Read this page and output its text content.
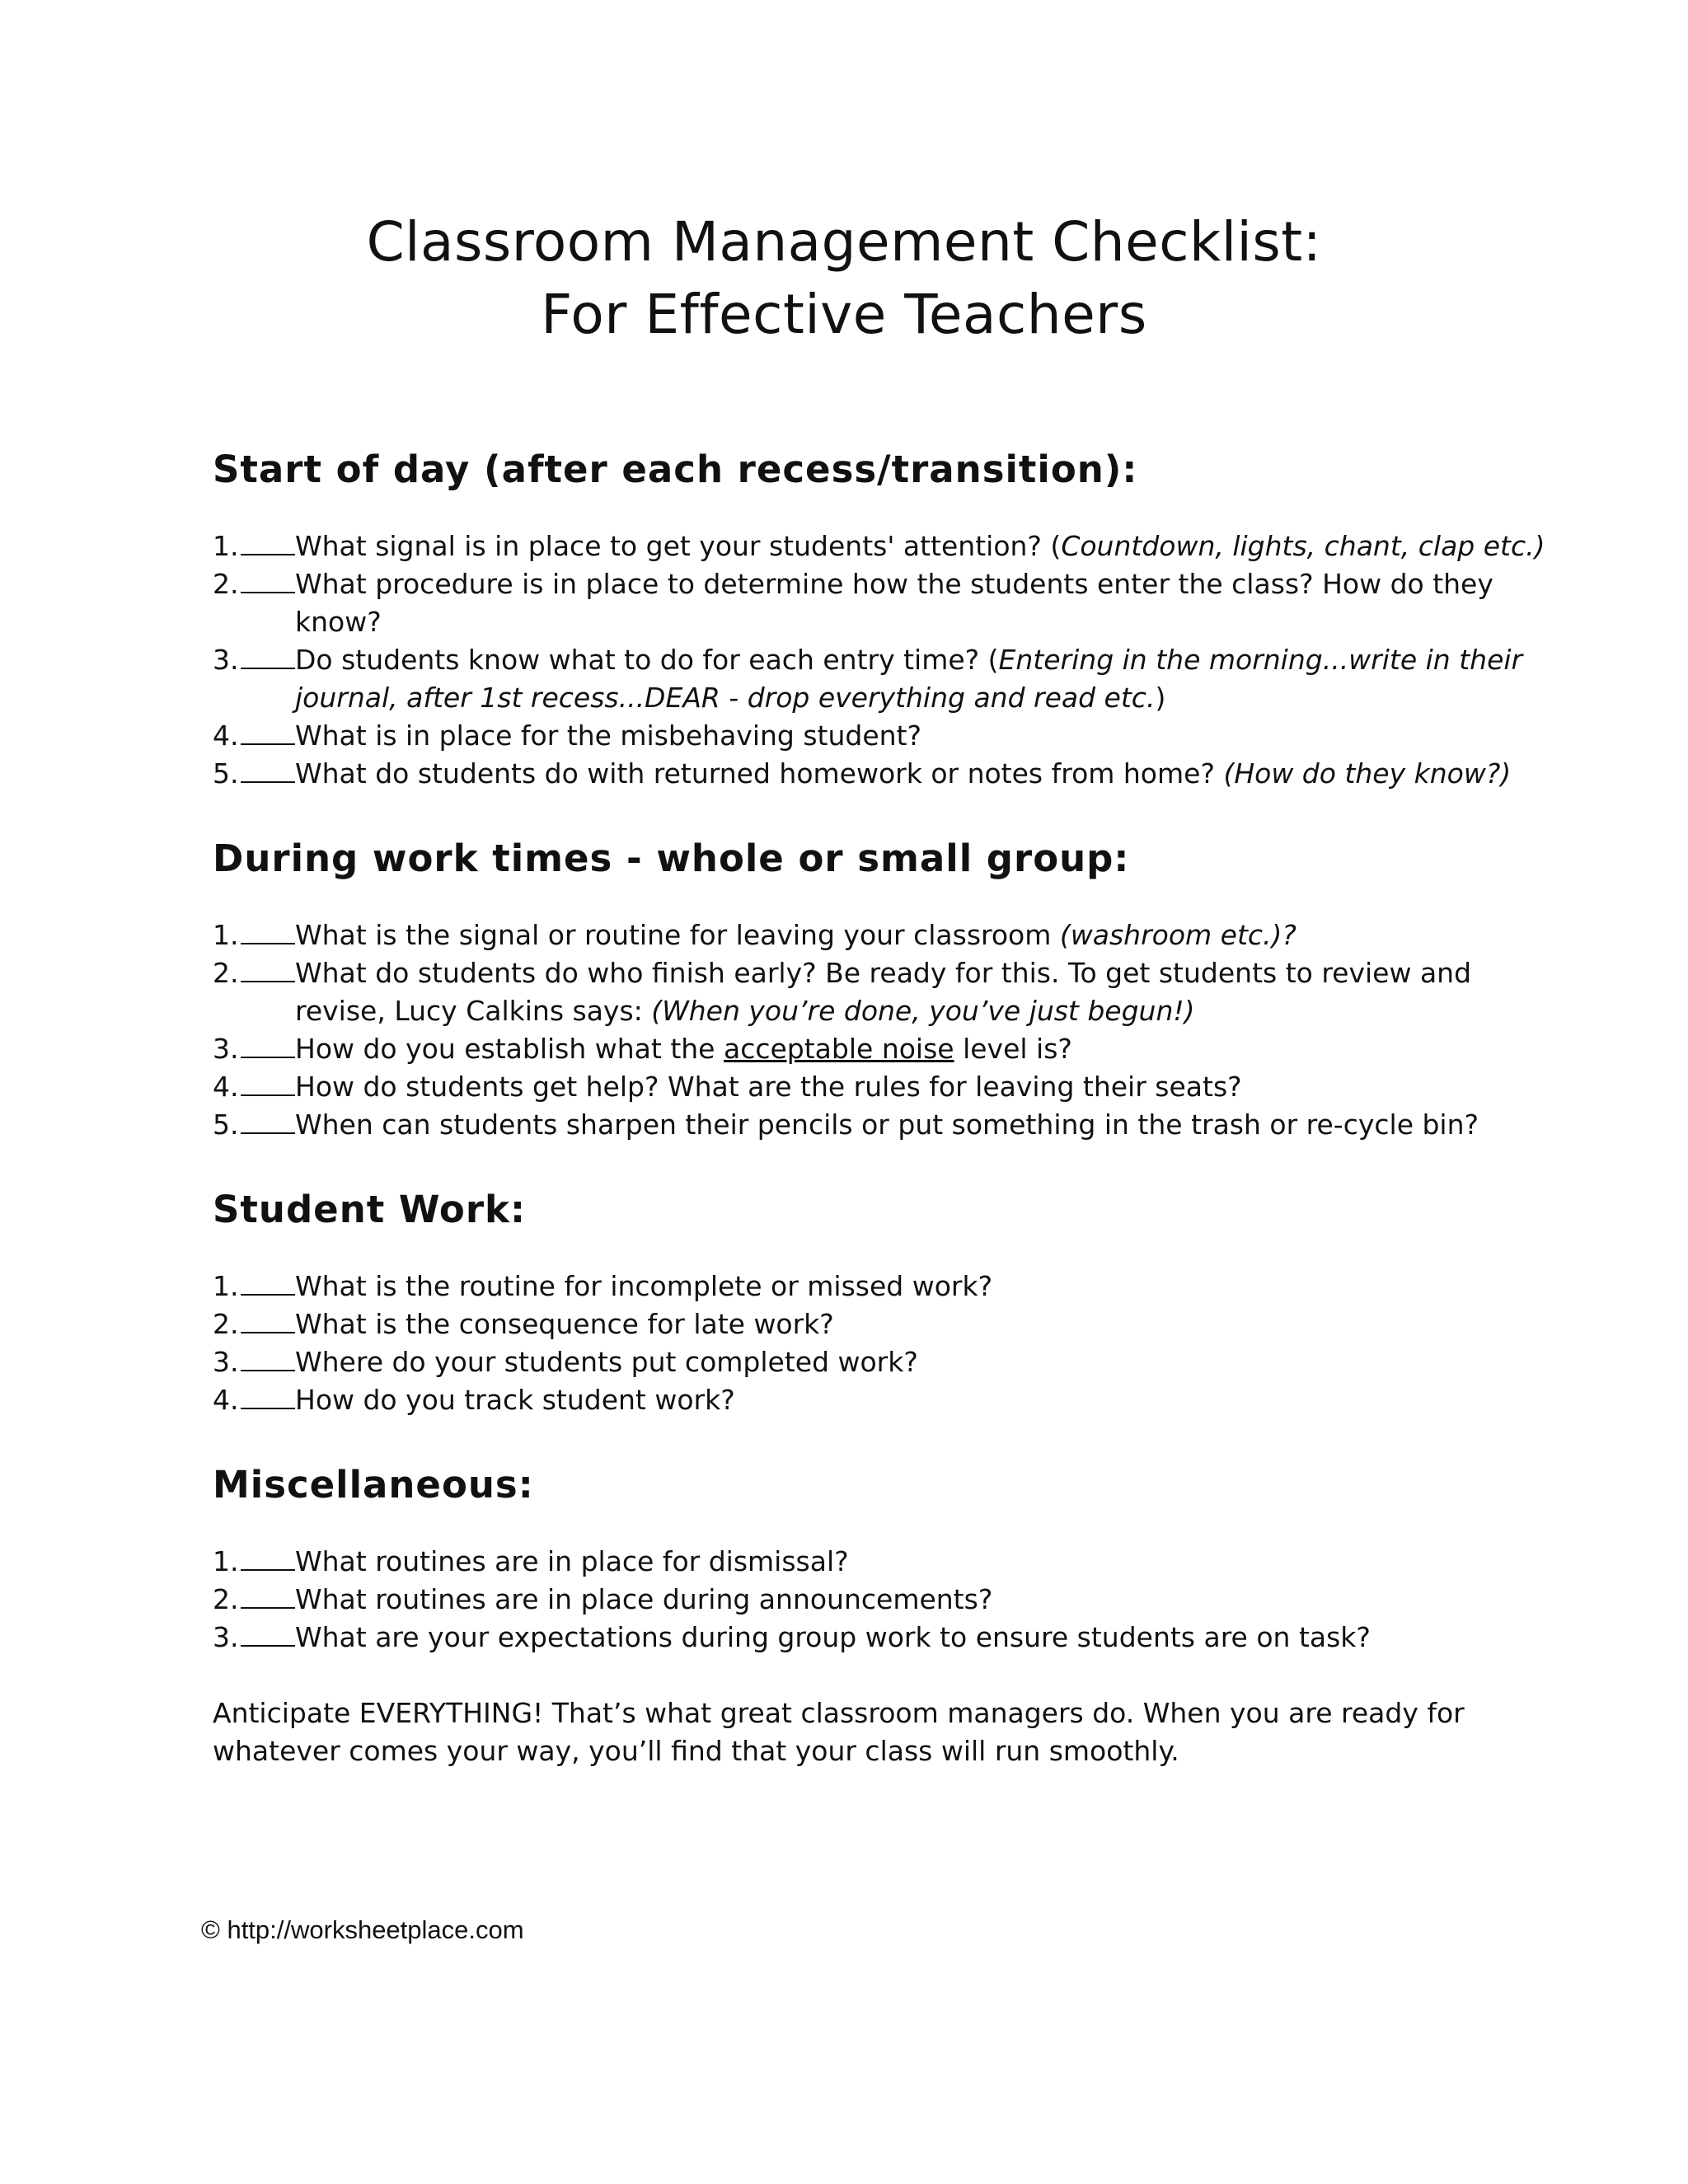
Classroom Management Checklist:
For Effective Teachers
Start of day (after each recess/transition):
1.	What signal is in place to get your students' attention? (Countdown, lights, chant, clap etc.)
2.	What procedure is in place to determine how the students enter the class? How do they
know?
3.	Do students know what to do for each entry time? (Entering in the morning...write in their
journal, after 1st recess...DEAR - drop everything and read etc.)
4.	What is in place for the misbehaving student?
5.	What do students do with returned homework or notes from home? (How do they know?)
During work times - whole or small group:
1.	What is the signal or routine for leaving your classroom (washroom etc.)?
2.	What do students do who finish early? Be ready for this. To get students to review and
revise, Lucy Calkins says: (When you’re done, you’ve just begun!)
3.	How do you establish what the acceptable noise level is?
4.	How do students get help? What are the rules for leaving their seats?
5.	When can students sharpen their pencils or put something in the trash or re-cycle bin?
Student Work:
1.	What is the routine for incomplete or missed work?
2.	What is the consequence for late work?
3.	Where do your students put completed work?
4.	How do you track student work?
Miscellaneous:
1.	What routines are in place for dismissal?
2.	What routines are in place during announcements?
3.	What are your expectations during group work to ensure students are on task?

Anticipate EVERYTHING! That’s what great classroom managers do. When you are ready for
whatever comes your way, you’ll find that your class will run smoothly.

© http://worksheetplace.com
